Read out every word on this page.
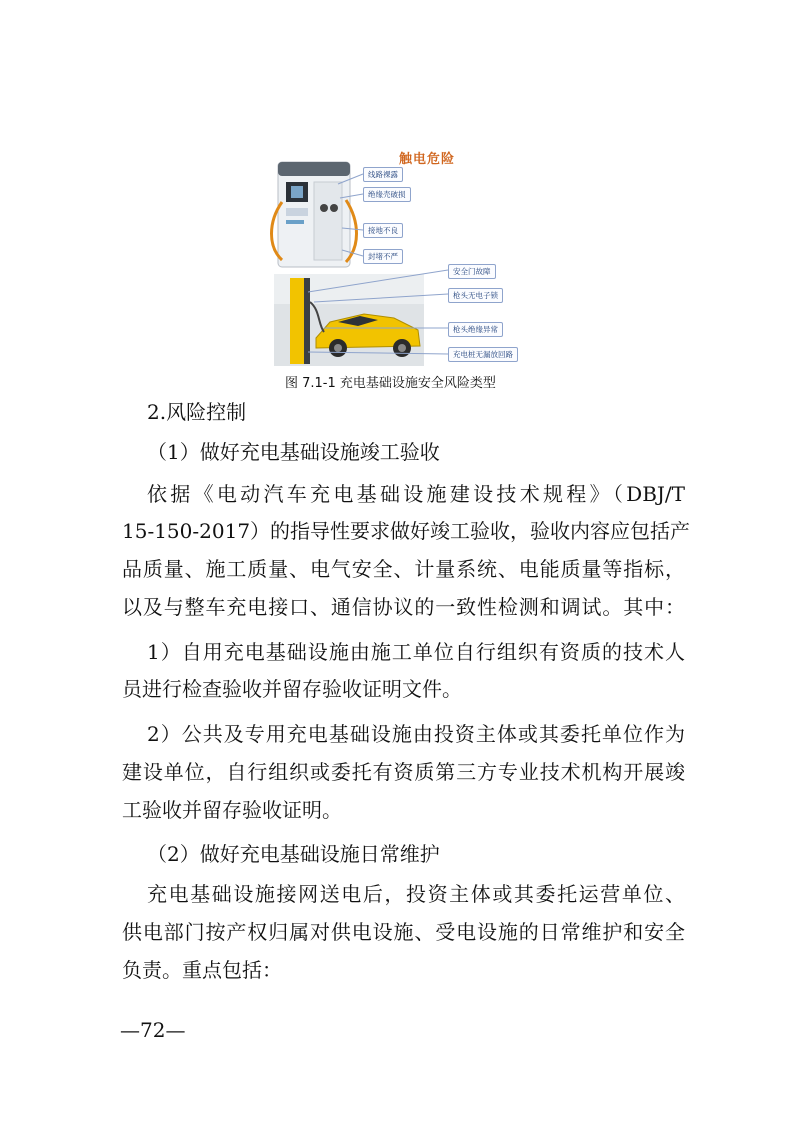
触电危险
线路裸露
绝缘壳破损
接地不良
封堵不严
安全门故障
枪头无电子锁
枪头绝缘异常
充电桩无漏放回路
图 7.1-1 充电基础设施安全风险类型
2.风险控制
（1）做好充电基础设施竣工验收
依据《电动汽车充电基础设施建设技术规程》（DBJ/T
15-150-2017）的指导性要求做好竣工验收，验收内容应包括产
品质量、施工质量、电气安全、计量系统、电能质量等指标，
以及与整车充电接口、通信协议的一致性检测和调试。其中：
1）自用充电基础设施由施工单位自行组织有资质的技术人
员进行检查验收并留存验收证明文件。
2）公共及专用充电基础设施由投资主体或其委托单位作为
建设单位，自行组织或委托有资质第三方专业技术机构开展竣
工验收并留存验收证明。
（2）做好充电基础设施日常维护
充电基础设施接网送电后，投资主体或其委托运营单位、
供电部门按产权归属对供电设施、受电设施的日常维护和安全
负责。重点包括：
—72—
